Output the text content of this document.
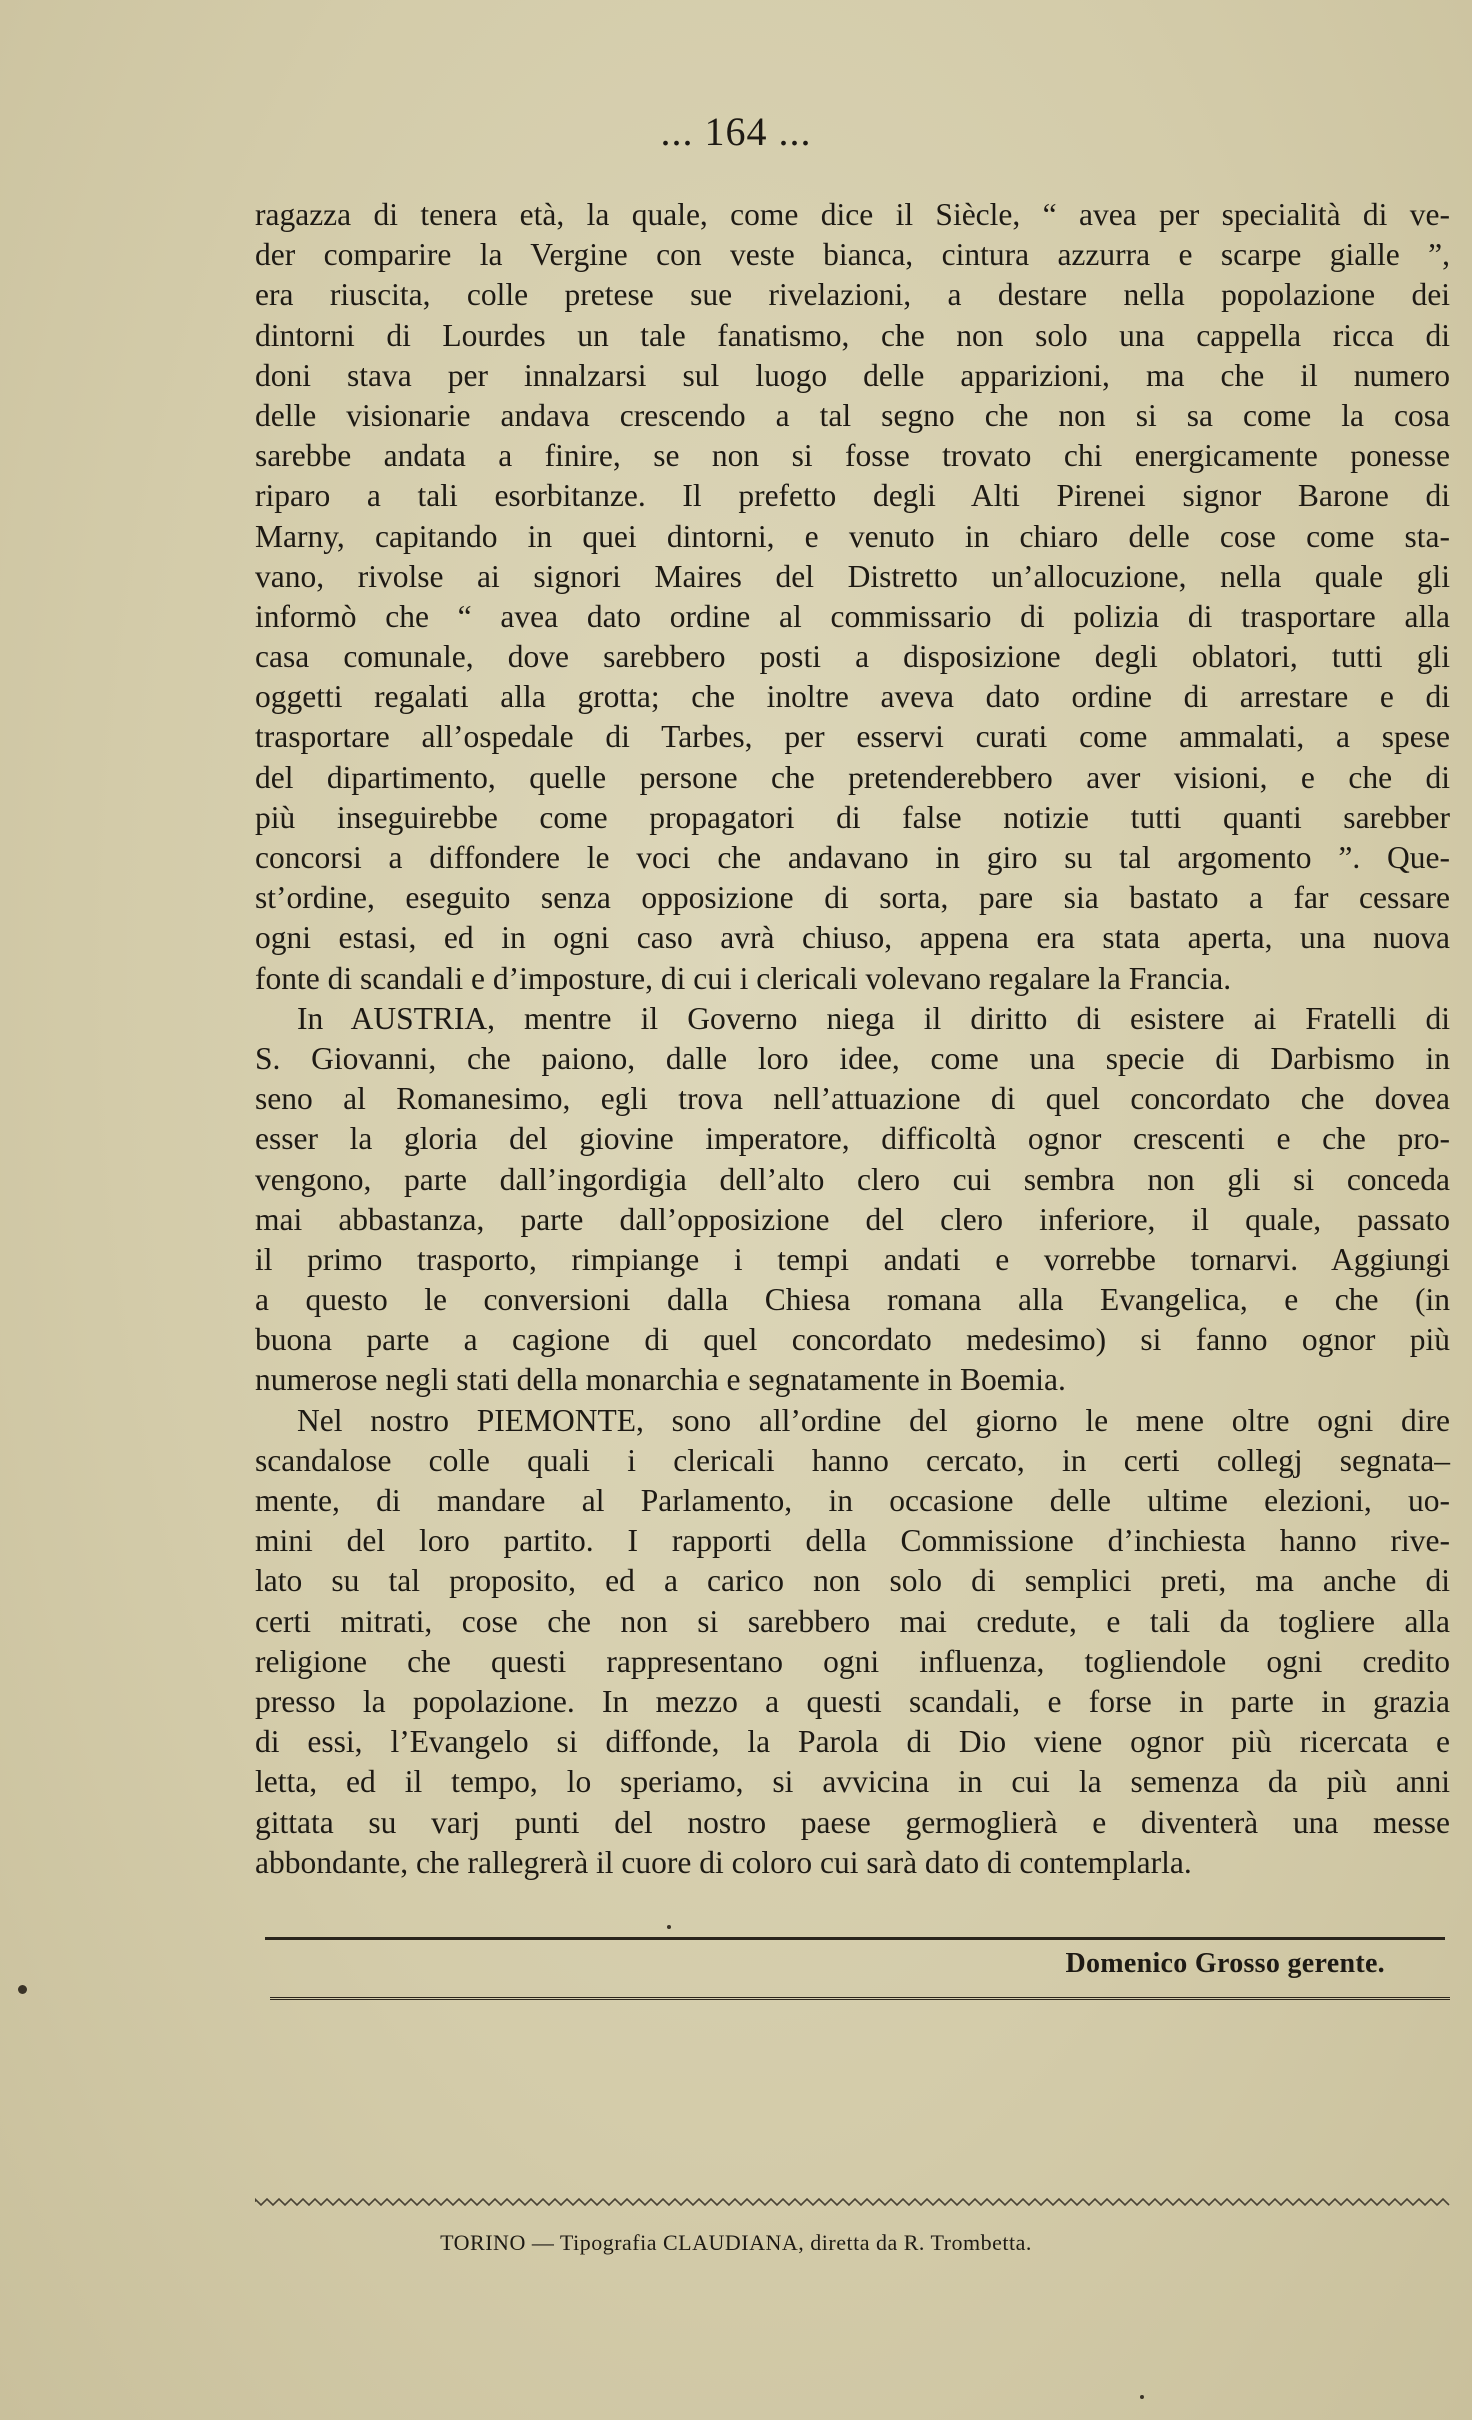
... 164 ...
ragazza di tenera età, la quale, come dice il Siècle, “ avea per specialità di ve-
der comparire la Vergine con veste bianca, cintura azzurra e scarpe gialle ”,
era riuscita, colle pretese sue rivelazioni, a destare nella popolazione dei
dintorni di Lourdes un tale fanatismo, che non solo una cappella ricca di
doni stava per innalzarsi sul luogo delle apparizioni, ma che il numero
delle visionarie andava crescendo a tal segno che non si sa come la cosa
sarebbe andata a finire, se non si fosse trovato chi energicamente ponesse
riparo a tali esorbitanze. Il prefetto degli Alti Pirenei signor Barone di
Marny, capitando in quei dintorni, e venuto in chiaro delle cose come sta-
vano, rivolse ai signori Maires del Distretto un’allocuzione, nella quale gli
informò che “ avea dato ordine al commissario di polizia di trasportare alla
casa comunale, dove sarebbero posti a disposizione degli oblatori, tutti gli
oggetti regalati alla grotta; che inoltre aveva dato ordine di arrestare e di
trasportare all’ospedale di Tarbes, per esservi curati come ammalati, a spese
del dipartimento, quelle persone che pretenderebbero aver visioni, e che di
più inseguirebbe come propagatori di false notizie tutti quanti sarebber
concorsi a diffondere le voci che andavano in giro su tal argomento ”. Que-
st’ordine, eseguito senza opposizione di sorta, pare sia bastato a far cessare
ogni estasi, ed in ogni caso avrà chiuso, appena era stata aperta, una nuova
fonte di scandali e d’imposture, di cui i clericali volevano regalare la Francia.
In AUSTRIA, mentre il Governo niega il diritto di esistere ai Fratelli di
S. Giovanni, che paiono, dalle loro idee, come una specie di Darbismo in
seno al Romanesimo, egli trova nell’attuazione di quel concordato che dovea
esser la gloria del giovine imperatore, difficoltà ognor crescenti e che pro-
vengono, parte dall’ingordigia dell’alto clero cui sembra non gli si conceda
mai abbastanza, parte dall’opposizione del clero inferiore, il quale, passato
il primo trasporto, rimpiange i tempi andati e vorrebbe tornarvi. Aggiungi
a questo le conversioni dalla Chiesa romana alla Evangelica, e che (in
buona parte a cagione di quel concordato medesimo) si fanno ognor più
numerose negli stati della monarchia e segnatamente in Boemia.
Nel nostro PIEMONTE, sono all’ordine del giorno le mene oltre ogni dire
scandalose colle quali i clericali hanno cercato, in certi collegj segnata–
mente, di mandare al Parlamento, in occasione delle ultime elezioni, uo-
mini del loro partito. I rapporti della Commissione d’inchiesta hanno rive-
lato su tal proposito, ed a carico non solo di semplici preti, ma anche di
certi mitrati, cose che non si sarebbero mai credute, e tali da togliere alla
religione che questi rappresentano ogni influenza, togliendole ogni credito
presso la popolazione. In mezzo a questi scandali, e forse in parte in grazia
di essi, l’Evangelo si diffonde, la Parola di Dio viene ognor più ricercata e
letta, ed il tempo, lo speriamo, si avvicina in cui la semenza da più anni
gittata su varj punti del nostro paese germoglierà e diventerà una messe
abbondante, che rallegrerà il cuore di coloro cui sarà dato di contemplarla.
Domenico Grosso gerente.
TORINO — Tipografia CLAUDIANA, diretta da R. Trombetta.
